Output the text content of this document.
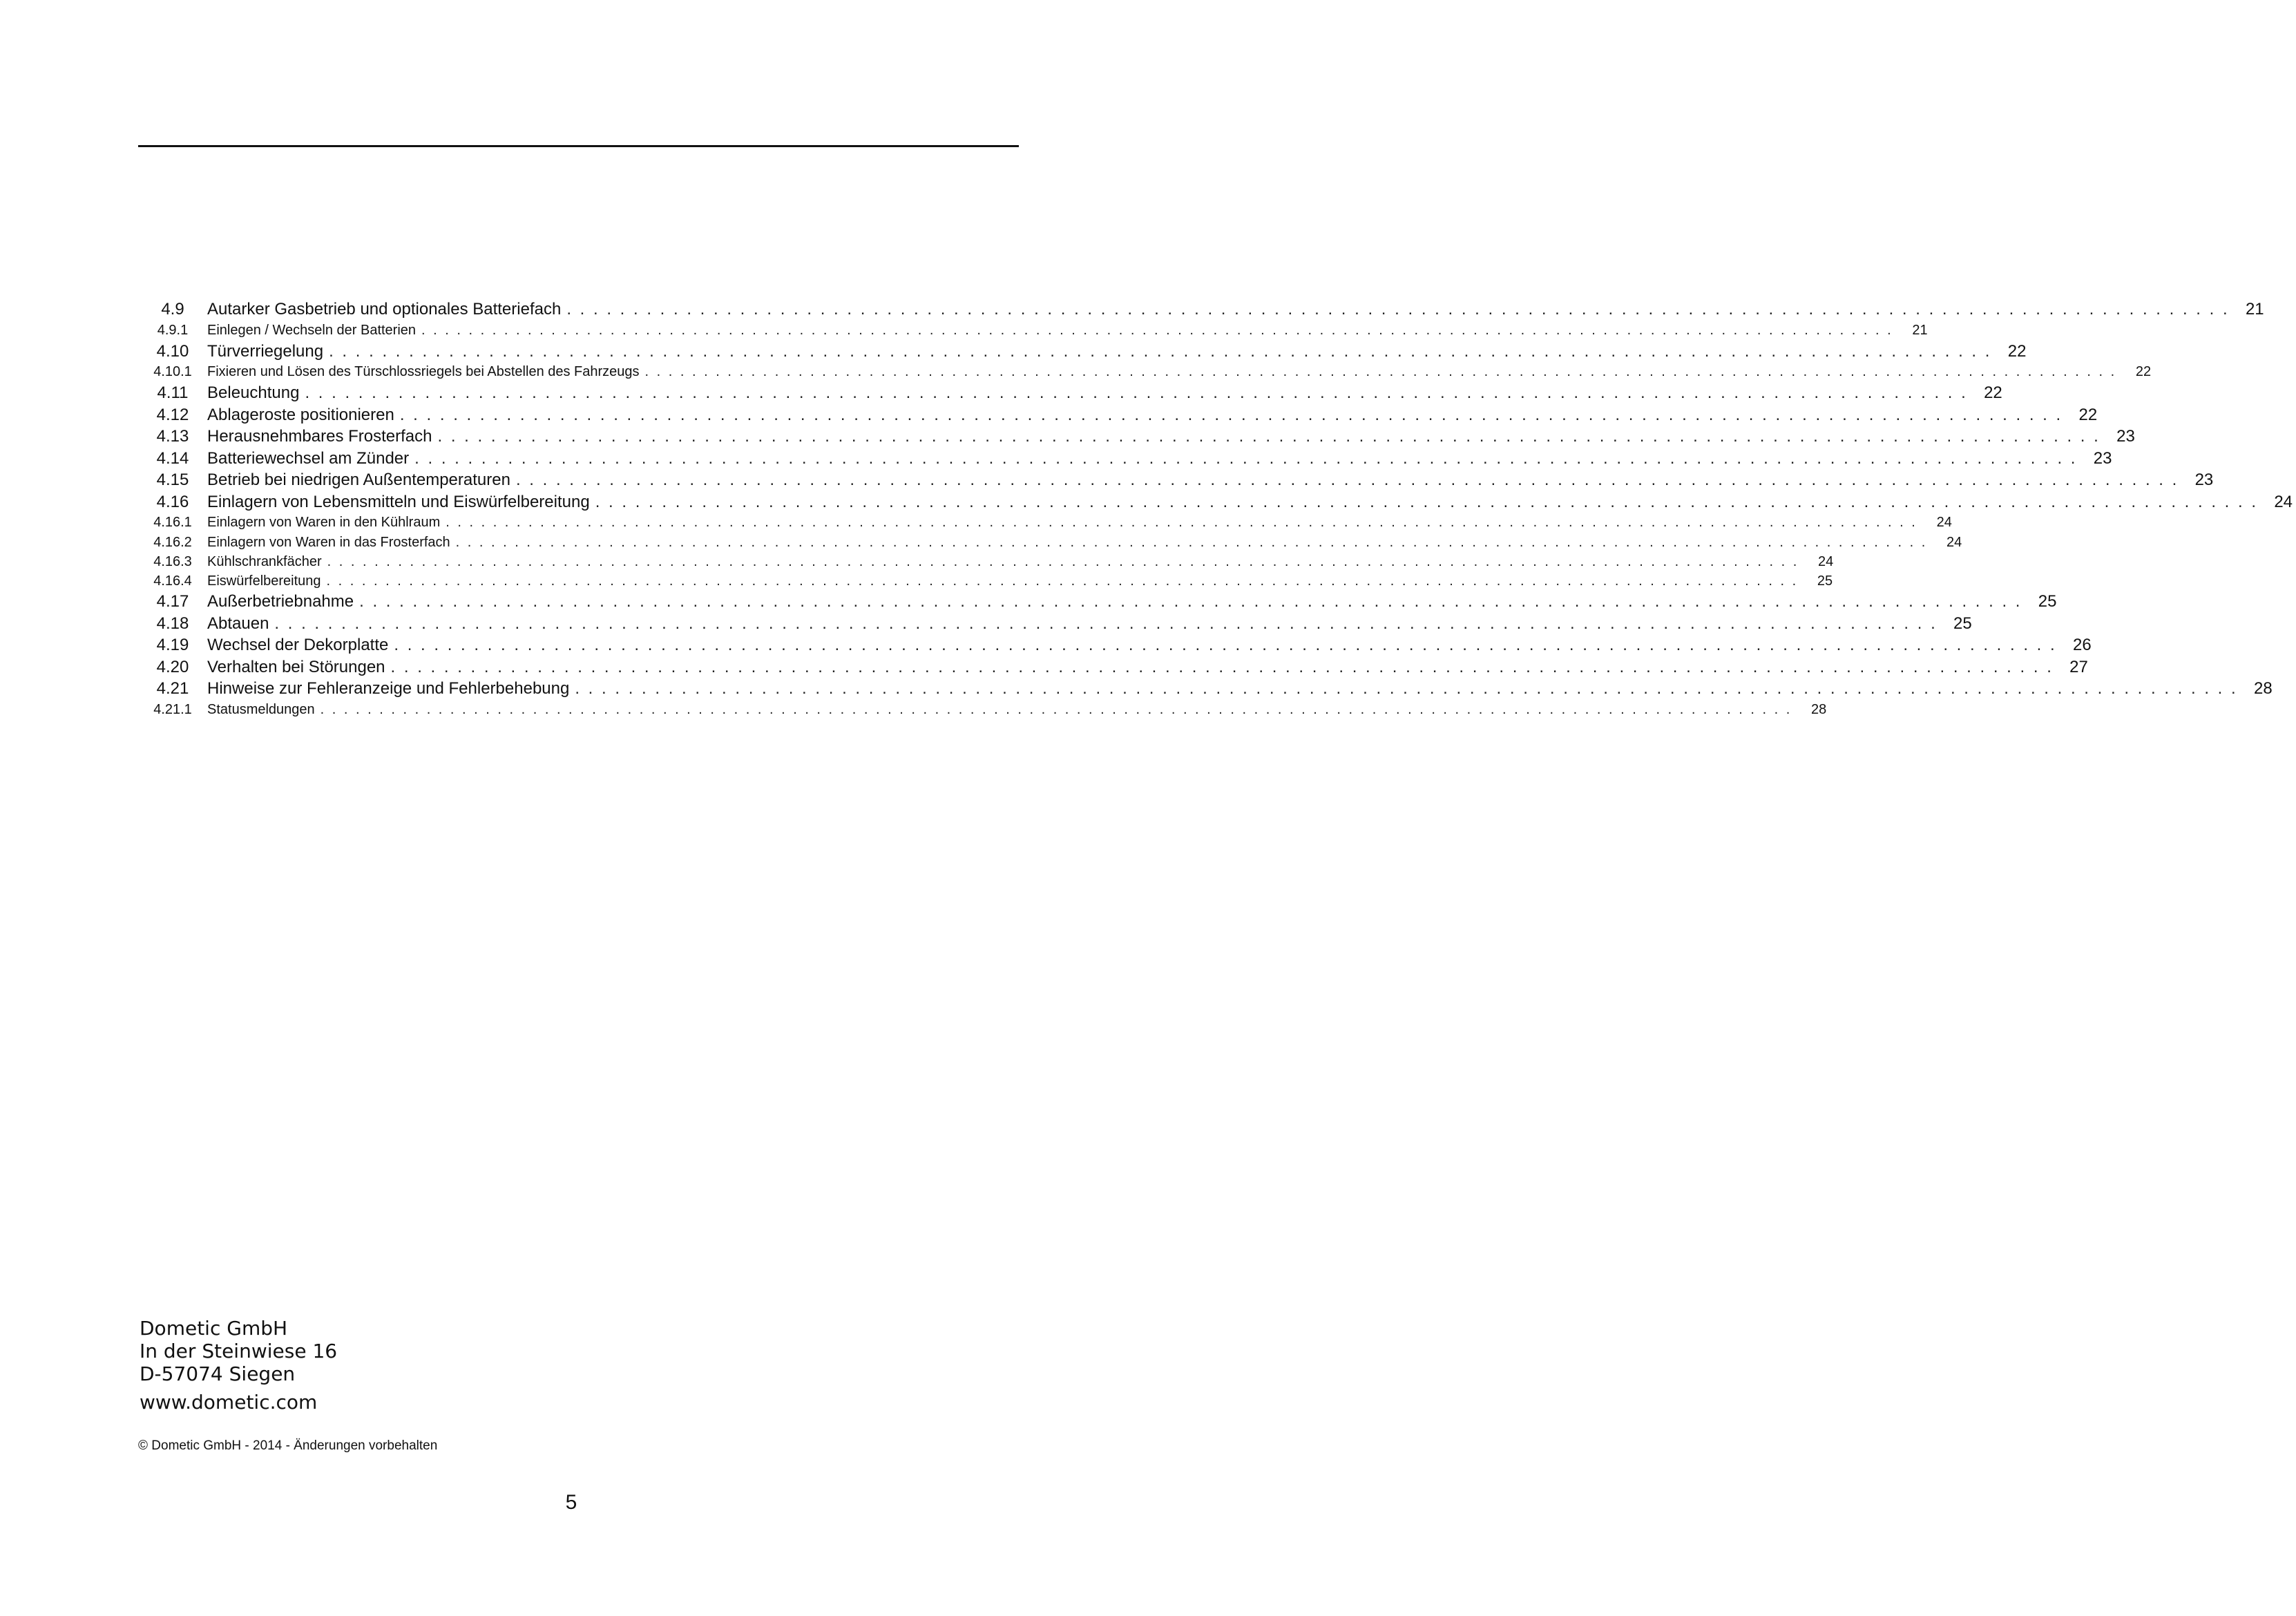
4.9	Autarker Gasbetrieb und optionales Batteriefach . . . . . . . . . . . . . . . . . . . . . . . . . . . . . . . . . . . . . . . . . . . . . . . . . . . . . . . . . . . . . . . . . . . . . . . . . . . . . . . . . . . . . . . . . . . . . . . . . . . . . . . . . . . . . . . . . . . . . . . . . . . . . 21
4.9.1	Einlegen / Wechseln der Batterien . . . . . . . . . . . . . . . . . . . . . . . . . . . . . . . . . . . . . . . . . . . . . . . . . . . . . . . . . . . . . . . . . . . . . . . . . . . . . . . . . . . . . . . . . . . . . . . . . . . . . . . . . . . . . . . . . . . . . . . . . . . . .	21
4.10	Türverriegelung . . . . . . . . . . . . . . . . . . . . . . . . . . . . . . . . . . . . . . . . . . . . . . . . . . . . . . . . . . . . . . . . . . . . . . . . . . . . . . . . . . . . . . . . . . . . . . . . . . . . . . . . . . . . . . . . . . . . . . . . . . . . . 22
4.10.1	Fixieren und Lösen des Türschlossriegels bei Abstellen des Fahrzeugs . . . . . . . . . . . . . . . . . . . . . . . . . . . . . . . . . . . . . . . . . . . . . . . . . . . . . . . . . . . . . . . . . . . . . . . . . . . . . . . . . . . . . . . . . . . . . . . . . . . . . . . . . . . . . . . . . . . . . . . . . . . . .	22
4.11	Beleuchtung . . . . . . . . . . . . . . . . . . . . . . . . . . . . . . . . . . . . . . . . . . . . . . . . . . . . . . . . . . . . . . . . . . . . . . . . . . . . . . . . . . . . . . . . . . . . . . . . . . . . . . . . . . . . . . . . . . . . . . . . . . . . . 22
4.12	Ablageroste positionieren . . . . . . . . . . . . . . . . . . . . . . . . . . . . . . . . . . . . . . . . . . . . . . . . . . . . . . . . . . . . . . . . . . . . . . . . . . . . . . . . . . . . . . . . . . . . . . . . . . . . . . . . . . . . . . . . . . . . . . . . . . . . . 22
4.13	Herausnehmbares Frosterfach . . . . . . . . . . . . . . . . . . . . . . . . . . . . . . . . . . . . . . . . . . . . . . . . . . . . . . . . . . . . . . . . . . . . . . . . . . . . . . . . . . . . . . . . . . . . . . . . . . . . . . . . . . . . . . . . . . . . . . . . . . . . . 23
4.14	Batteriewechsel am Zünder . . . . . . . . . . . . . . . . . . . . . . . . . . . . . . . . . . . . . . . . . . . . . . . . . . . . . . . . . . . . . . . . . . . . . . . . . . . . . . . . . . . . . . . . . . . . . . . . . . . . . . . . . . . . . . . . . . . . . . . . . . . . . 23
4.15	Betrieb bei niedrigen Außentemperaturen . . . . . . . . . . . . . . . . . . . . . . . . . . . . . . . . . . . . . . . . . . . . . . . . . . . . . . . . . . . . . . . . . . . . . . . . . . . . . . . . . . . . . . . . . . . . . . . . . . . . . . . . . . . . . . . . . . . . . . . . . . . . . 23
4.16	Einlagern von Lebensmitteln und Eiswürfelbereitung . . . . . . . . . . . . . . . . . . . . . . . . . . . . . . . . . . . . . . . . . . . . . . . . . . . . . . . . . . . . . . . . . . . . . . . . . . . . . . . . . . . . . . . . . . . . . . . . . . . . . . . . . . . . . . . . . . . . . . . . . . . . . 24
4.16.1	Einlagern von Waren in den Kühlraum . . . . . . . . . . . . . . . . . . . . . . . . . . . . . . . . . . . . . . . . . . . . . . . . . . . . . . . . . . . . . . . . . . . . . . . . . . . . . . . . . . . . . . . . . . . . . . . . . . . . . . . . . . . . . . . . . . . . . . . . . . . . .	24
4.16.2	Einlagern von Waren in das Frosterfach . . . . . . . . . . . . . . . . . . . . . . . . . . . . . . . . . . . . . . . . . . . . . . . . . . . . . . . . . . . . . . . . . . . . . . . . . . . . . . . . . . . . . . . . . . . . . . . . . . . . . . . . . . . . . . . . . . . . . . . . . . . . .	24
4.16.3	Kühlschrankfächer . . . . . . . . . . . . . . . . . . . . . . . . . . . . . . . . . . . . . . . . . . . . . . . . . . . . . . . . . . . . . . . . . . . . . . . . . . . . . . . . . . . . . . . . . . . . . . . . . . . . . . . . . . . . . . . . . . . . . . . . . . . . .	24
4.16.4	Eiswürfelbereitung . . . . . . . . . . . . . . . . . . . . . . . . . . . . . . . . . . . . . . . . . . . . . . . . . . . . . . . . . . . . . . . . . . . . . . . . . . . . . . . . . . . . . . . . . . . . . . . . . . . . . . . . . . . . . . . . . . . . . . . . . . . . .	25
4.17	Außerbetriebnahme . . . . . . . . . . . . . . . . . . . . . . . . . . . . . . . . . . . . . . . . . . . . . . . . . . . . . . . . . . . . . . . . . . . . . . . . . . . . . . . . . . . . . . . . . . . . . . . . . . . . . . . . . . . . . . . . . . . . . . . . . . . . . 25
4.18	Abtauen . . . . . . . . . . . . . . . . . . . . . . . . . . . . . . . . . . . . . . . . . . . . . . . . . . . . . . . . . . . . . . . . . . . . . . . . . . . . . . . . . . . . . . . . . . . . . . . . . . . . . . . . . . . . . . . . . . . . . . . . . . . . . 25
4.19	Wechsel der Dekorplatte . . . . . . . . . . . . . . . . . . . . . . . . . . . . . . . . . . . . . . . . . . . . . . . . . . . . . . . . . . . . . . . . . . . . . . . . . . . . . . . . . . . . . . . . . . . . . . . . . . . . . . . . . . . . . . . . . . . . . . . . . . . . . 26
4.20	Verhalten bei Störungen . . . . . . . . . . . . . . . . . . . . . . . . . . . . . . . . . . . . . . . . . . . . . . . . . . . . . . . . . . . . . . . . . . . . . . . . . . . . . . . . . . . . . . . . . . . . . . . . . . . . . . . . . . . . . . . . . . . . . . . . . . . . . 27
4.21	Hinweise zur Fehleranzeige und Fehlerbehebung . . . . . . . . . . . . . . . . . . . . . . . . . . . . . . . . . . . . . . . . . . . . . . . . . . . . . . . . . . . . . . . . . . . . . . . . . . . . . . . . . . . . . . . . . . . . . . . . . . . . . . . . . . . . . . . . . . . . . . . . . . . . . 28
4.21.1	Statusmeldungen . . . . . . . . . . . . . . . . . . . . . . . . . . . . . . . . . . . . . . . . . . . . . . . . . . . . . . . . . . . . . . . . . . . . . . . . . . . . . . . . . . . . . . . . . . . . . . . . . . . . . . . . . . . . . . . . . . . . . . . . . . . . .	28
Dometic GmbH
In der Steinwiese 16
D-57074 Siegen
www.dometic.com
© Dometic GmbH - 2014 - Änderungen vorbehalten
5
